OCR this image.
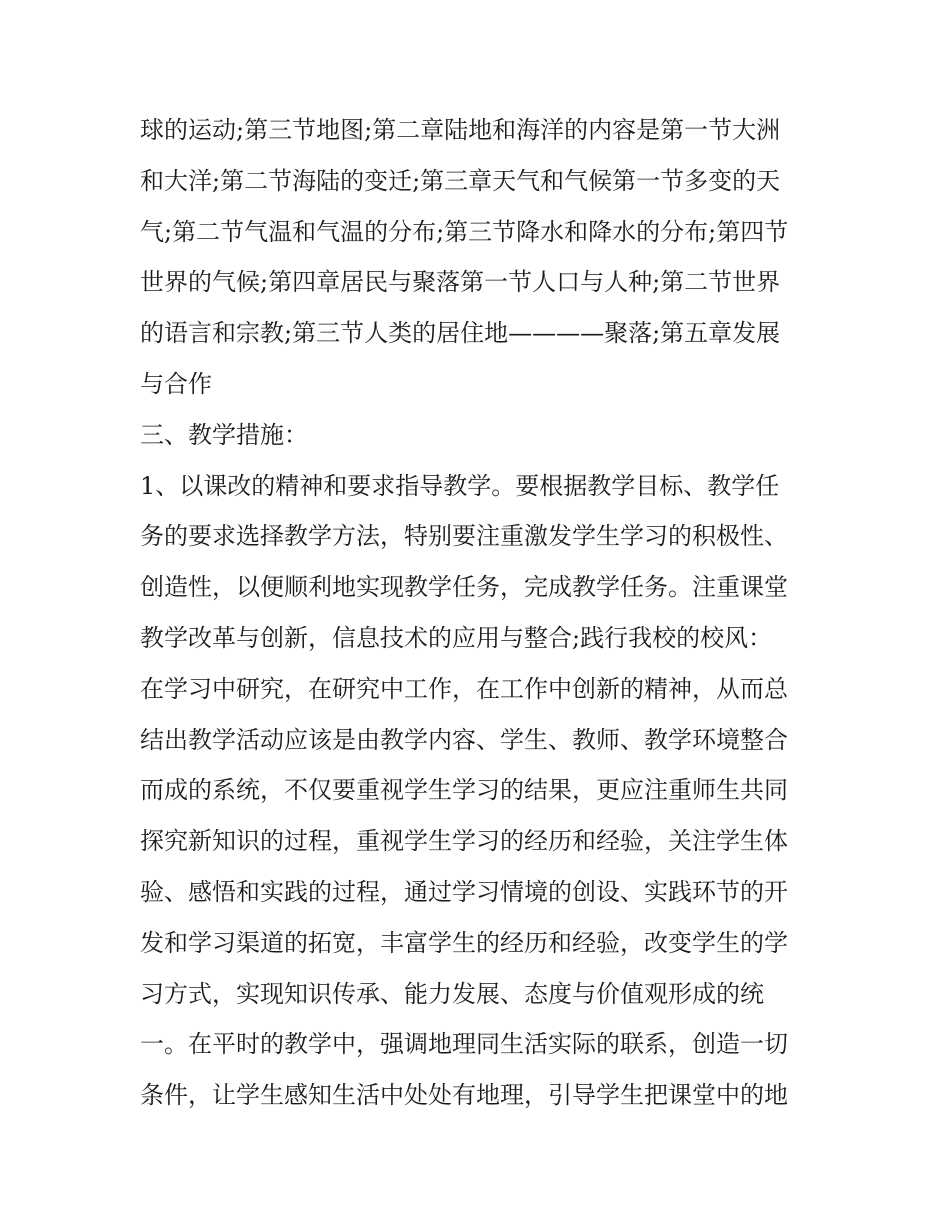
球的运动;第三节地图;第二章陆地和海洋的内容是第一节大洲
和大洋;第二节海陆的变迁;第三章天气和气候第一节多变的天
气;第二节气温和气温的分布;第三节降水和降水的分布;第四节
世界的气候;第四章居民与聚落第一节人口与人种;第二节世界
的语言和宗教;第三节人类的居住地————聚落;第五章发展
与合作
三、教学措施：
1、以课改的精神和要求指导教学。要根据教学目标、教学任
务的要求选择教学方法，特别要注重激发学生学习的积极性、
创造性，以便顺利地实现教学任务，完成教学任务。注重课堂
教学改革与创新，信息技术的应用与整合;践行我校的校风：
在学习中研究，在研究中工作，在工作中创新的精神，从而总
结出教学活动应该是由教学内容、学生、教师、教学环境整合
而成的系统，不仅要重视学生学习的结果，更应注重师生共同
探究新知识的过程，重视学生学习的经历和经验，关注学生体
验、感悟和实践的过程，通过学习情境的创设、实践环节的开
发和学习渠道的拓宽，丰富学生的经历和经验，改变学生的学
习方式，实现知识传承、能力发展、态度与价值观形成的统
一。在平时的教学中，强调地理同生活实际的联系，创造一切
条件，让学生感知生活中处处有地理，引导学生把课堂中的地
